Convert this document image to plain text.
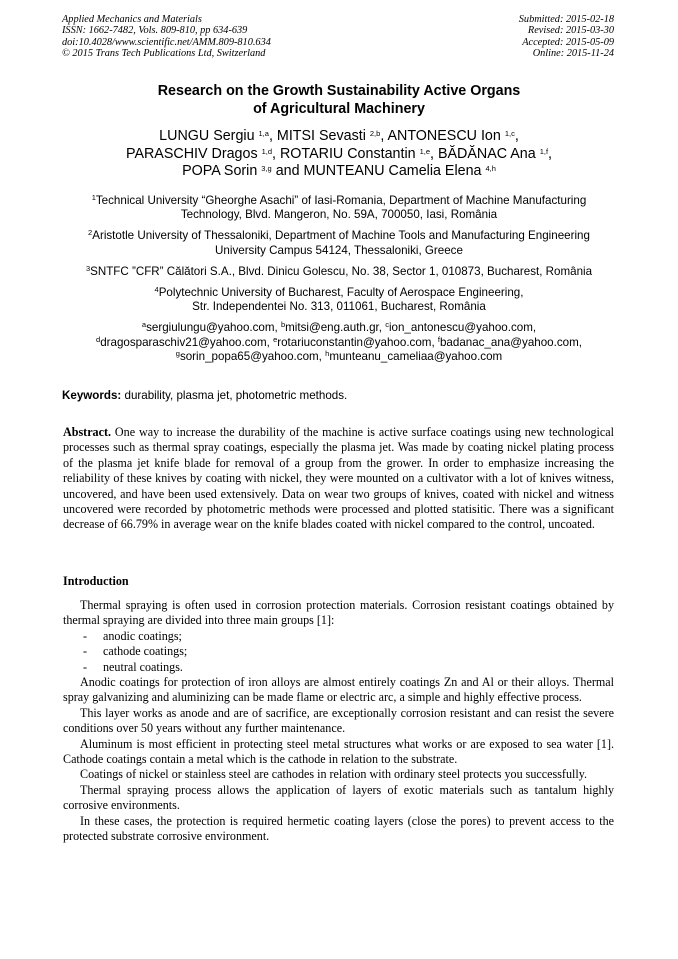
Applied Mechanics and Materials
ISSN: 1662-7482, Vols. 809-810, pp 634-639
doi:10.4028/www.scientific.net/AMM.809-810.634
© 2015 Trans Tech Publications Ltd, Switzerland
Submitted: 2015-02-18
Revised: 2015-03-30
Accepted: 2015-05-09
Online: 2015-11-24
Research on the Growth Sustainability Active Organs
of Agricultural Machinery
LUNGU Sergiu $^{1,a}$, MITSI Sevasti $^{2,b}$, ANTONESCU Ion $^{1,c}$,
PARASCHIV Dragos $^{1,d}$, ROTARIU Constantin $^{1,e}$, BĂDĂNAC Ana $^{1,f}$,
POPA Sorin $^{3,g}$ and MUNTEANU Camelia Elena $^{4,h}$
$^1$Technical University “Gheorghe Asachi” of Iasi-Romania, Department of Machine Manufacturing
Technology, Blvd. Mangeron, No. 59A, 700050, Iasi, România
$^2$Aristotle University of Thessaloniki, Department of Machine Tools and Manufacturing Engineering
University Campus 54124, Thessaloniki, Greece
$^3$SNTFC ”CFR” Călători S.A., Blvd. Dinicu Golescu, No. 38, Sector 1, 010873, Bucharest, România
$^4$Polytechnic University of Bucharest, Faculty of Aerospace Engineering,
Str. Independentei No. 313, 011061, Bucharest, România
$^a$sergiulungu@yahoo.com, $^b$mitsi@eng.auth.gr, $^c$ion_antonescu@yahoo.com,
$^d$dragosparaschiv21@yahoo.com, $^e$rotariuconstantin@yahoo.com, $^f$badanac_ana@yahoo.com,
$^g$sorin_popa65@yahoo.com, $^h$munteanu_cameliaa@yahoo.com
Keywords: durability, plasma jet, photometric methods.
Abstract. One way to increase the durability of the machine is active surface coatings using new technological processes such as thermal spray coatings, especially the plasma jet. Was made by coating nickel plating process of the plasma jet knife blade for removal of a group from the grower. In order to emphasize increasing the reliability of these knives by coating with nickel, they were mounted on a cultivator with a lot of knives witness, uncovered, and have been used extensively. Data on wear two groups of knives, coated with nickel and witness uncovered were recorded by photometric methods were processed and plotted statisitic. There was a significant decrease of 66.79% in average wear on the knife blades coated with nickel compared to the control, uncoated.
Introduction

Thermal spraying is often used in corrosion protection materials. Corrosion resistant coatings obtained by thermal spraying are divided into three main groups [1]:

- anodic coatings;
- cathode coatings;
- neutral coatings.

Anodic coatings for protection of iron alloys are almost entirely coatings Zn and Al or their alloys. Thermal spray galvanizing and aluminizing can be made flame or electric arc, a simple and highly effective process.

This layer works as anode and are of sacrifice, are exceptionally corrosion resistant and can resist the severe conditions over 50 years without any further maintenance.

Aluminum is most efficient in protecting steel metal structures what works or are exposed to sea water [1]. Cathode coatings contain a metal which is the cathode in relation to the substrate.

Coatings of nickel or stainless steel are cathodes in relation with ordinary steel protects you successfully.

Thermal spraying process allows the application of layers of exotic materials such as tantalum highly corrosive environments.

In these cases, the protection is required hermetic coating layers (close the pores) to prevent access to the protected substrate corrosive environment.
